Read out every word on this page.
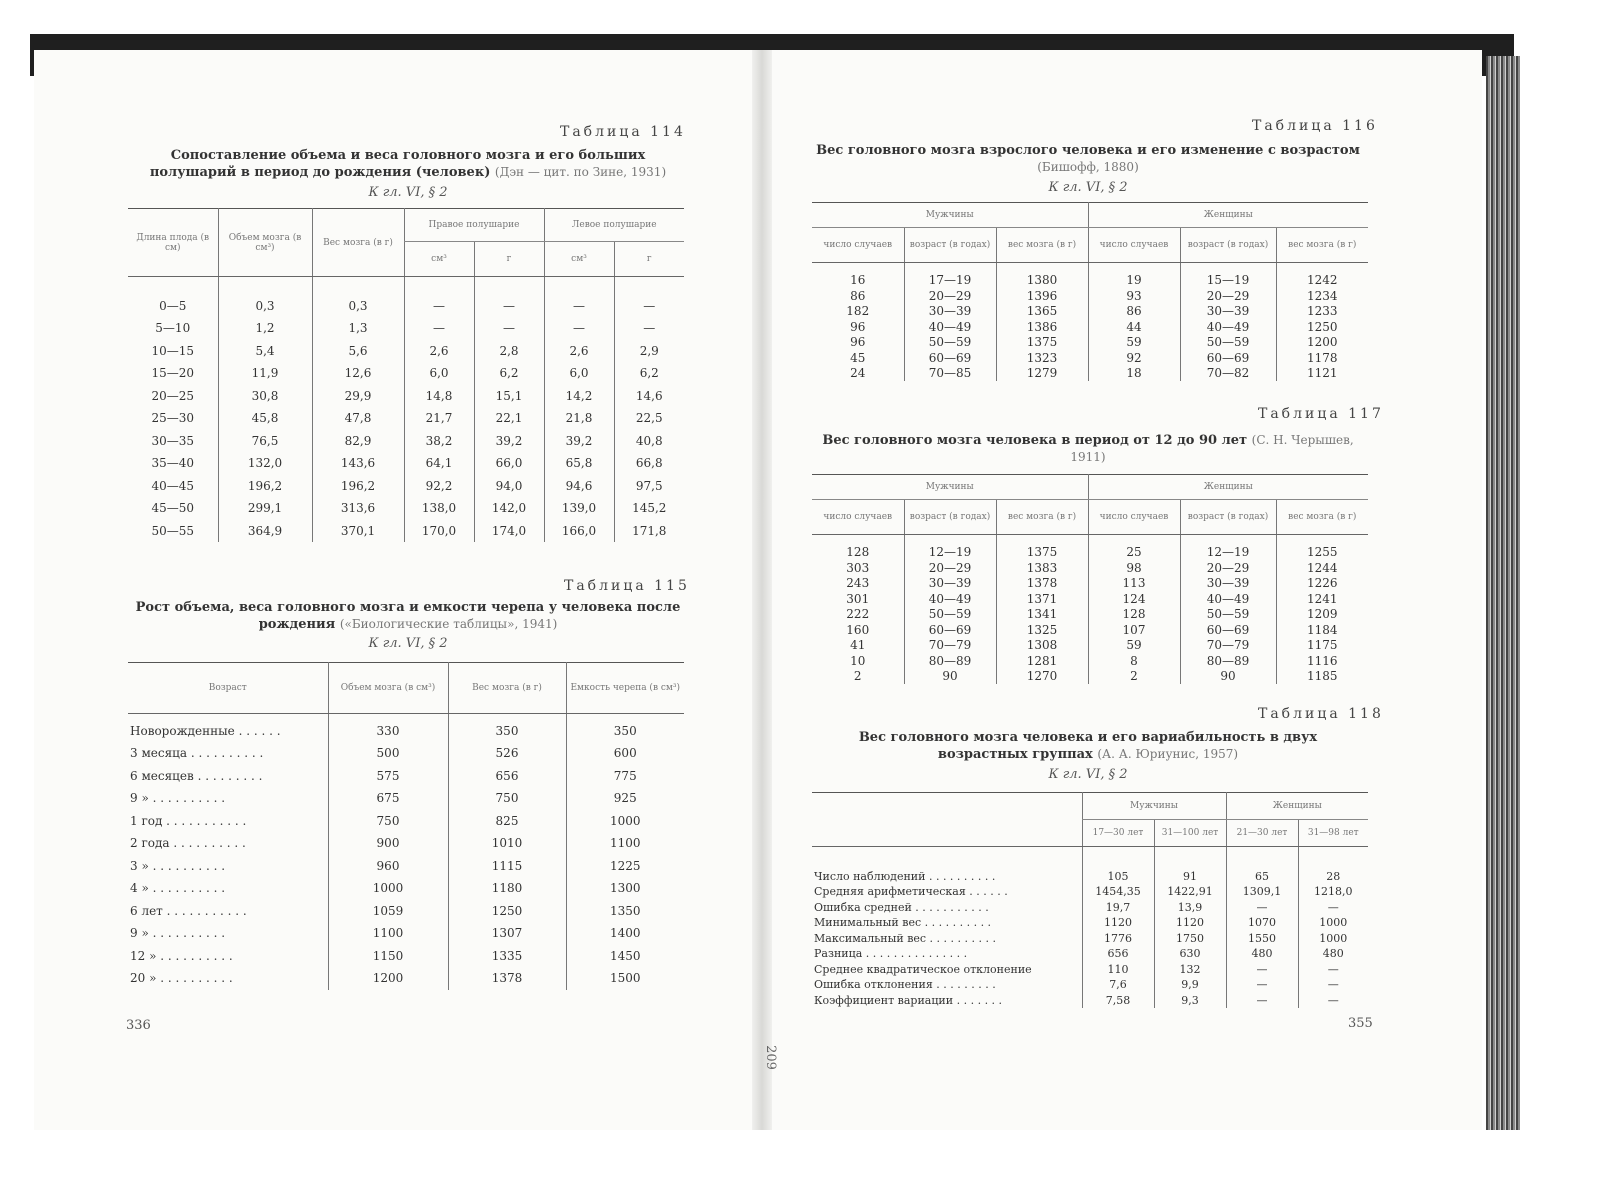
Таблица 114
Сопоставление объема и веса головного мозга и его больших полушарий в период до рождения (человек) (Дэн — цит. по Зине, 1931)
К гл. VI, § 2
Длина плода (в см)	Объем мозга (в см³)	Вес мозга (в г)	Правое полушарие		Левое полушарие	
			см³	г	см³	г

0—5	0,3	0,3	—	—	—	—
5—10	1,2	1,3	—	—	—	—
10—15	5,4	5,6	2,6	2,8	2,6	2,9
15—20	11,9	12,6	6,0	6,2	6,0	6,2
20—25	30,8	29,9	14,8	15,1	14,2	14,6
25—30	45,8	47,8	21,7	22,1	21,8	22,5
30—35	76,5	82,9	38,2	39,2	39,2	40,8
35—40	132,0	143,6	64,1	66,0	65,8	66,8
40—45	196,2	196,2	92,2	94,0	94,6	97,5
45—50	299,1	313,6	138,0	142,0	139,0	145,2
50—55	364,9	370,1	170,0	174,0	166,0	171,8
Таблица 115
Рост объема, веса головного мозга и емкости черепа у человека после рождения («Биологические таблицы», 1941)
К гл. VI, § 2
Возраст	Объем мозга (в см³)	Вес мозга (в г)	Емкость черепа (в см³)

Новорожденные . . . . . .	330	350	350
3 месяца . . . . . . . . . .	500	526	600
6 месяцев . . . . . . . . .	575	656	775
9 » . . . . . . . . . .	675	750	925
1 год . . . . . . . . . . .	750	825	1000
2 года . . . . . . . . . .	900	1010	1100
3 » . . . . . . . . . .	960	1115	1225
4 » . . . . . . . . . .	1000	1180	1300
6 лет . . . . . . . . . . .	1059	1250	1350
9 » . . . . . . . . . .	1100	1307	1400
12 » . . . . . . . . . .	1150	1335	1450
20 » . . . . . . . . . .	1200	1378	1500
336
209
Таблица 116
Вес головного мозга взрослого человека и его изменение с возрастом (Бишофф, 1880)
К гл. VI, § 2
Мужчины			Женщины		
число случаев	возраст (в годах)	вес мозга (в г)	число случаев	возраст (в годах)	вес мозга (в г)

16	17—19	1380	19	15—19	1242
86	20—29	1396	93	20—29	1234
182	30—39	1365	86	30—39	1233
96	40—49	1386	44	40—49	1250
96	50—59	1375	59	50—59	1200
45	60—69	1323	92	60—69	1178
24	70—85	1279	18	70—82	1121
Таблица 117
Вес головного мозга человека в период от 12 до 90 лет (С. Н. Черышев, 1911)
Мужчины			Женщины		
число случаев	возраст (в годах)	вес мозга (в г)	число случаев	возраст (в годах)	вес мозга (в г)

128	12—19	1375	25	12—19	1255
303	20—29	1383	98	20—29	1244
243	30—39	1378	113	30—39	1226
301	40—49	1371	124	40—49	1241
222	50—59	1341	128	50—59	1209
160	60—69	1325	107	60—69	1184
41	70—79	1308	59	70—79	1175
10	80—89	1281	8	80—89	1116
2	90	1270	2	90	1185
Таблица 118
Вес головного мозга человека и его вариабильность в двух возрастных группах (А. А. Юриунис, 1957)
К гл. VI, § 2
	Мужчины		Женщины	
	17—30 лет	31—100 лет	21—30 лет	31—98 лет

Число наблюдений . . . . . . . . . .	105	91	65	28
Средняя арифметическая . . . . . .	1454,35	1422,91	1309,1	1218,0
Ошибка средней . . . . . . . . . . .	19,7	13,9	—	—
Минимальный вес . . . . . . . . . .	1120	1120	1070	1000
Максимальный вес . . . . . . . . . .	1776	1750	1550	1000
Разница . . . . . . . . . . . . . . .	656	630	480	480
Среднее квадратическое отклонение	110	132	—	—
Ошибка отклонения . . . . . . . . .	7,6	9,9	—	—
Коэффициент вариации . . . . . . .	7,58	9,3	—	—
355
